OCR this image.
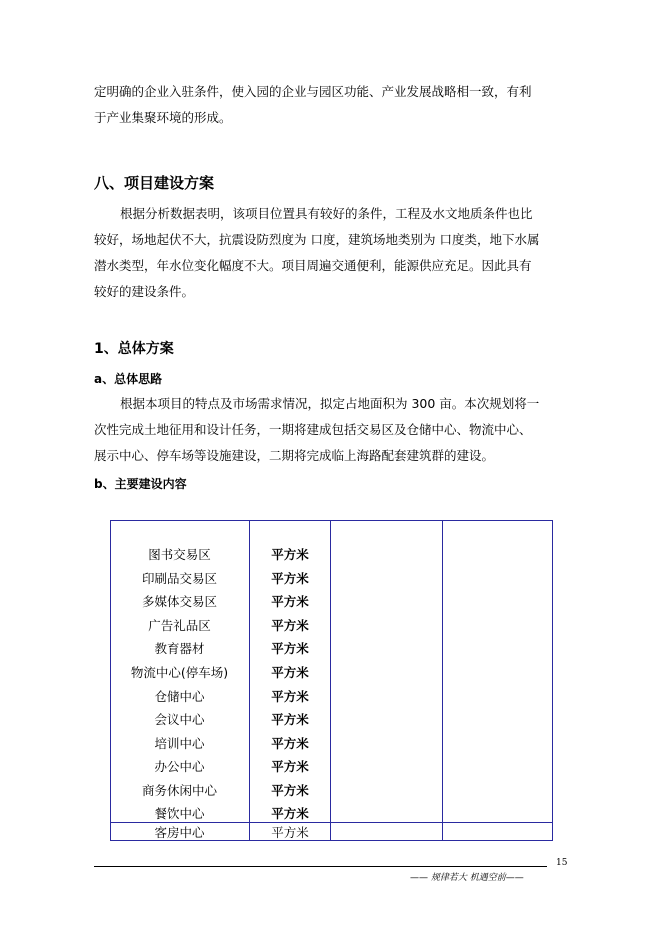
定明确的企业入驻条件，使入园的企业与园区功能、产业发展战略相一致，有利
于产业集聚环境的形成。
八、项目建设方案
根据分析数据表明，该项目位置具有较好的条件，工程及水文地质条件也比
较好，场地起伏不大，抗震设防烈度为 口度，建筑场地类别为 口度类，地下水属
潜水类型，年水位变化幅度不大。项目周遍交通便利，能源供应充足。因此具有
较好的建设条件。
1、总体方案
a、总体思路
根据本项目的特点及市场需求情况，拟定占地面积为 300 亩。本次规划将一
次性完成土地征用和设计任务，一期将建成包括交易区及仓储中心、物流中心、
展示中心、停车场等设施建设，二期将完成临上海路配套建筑群的建设。
b、主要建设内容
图书交易区	平方米
印刷品交易区	平方米
多媒体交易区	平方米
广告礼品区	平方米
教育器材	平方米
物流中心(停车场)	平方米
仓储中心	平方米
会议中心	平方米
培训中心	平方米
办公中心	平方米
商务休闲中心	平方米
餐饮中心	平方米
客房中心	平方米
15
—— 规律若大 机遇空前——
